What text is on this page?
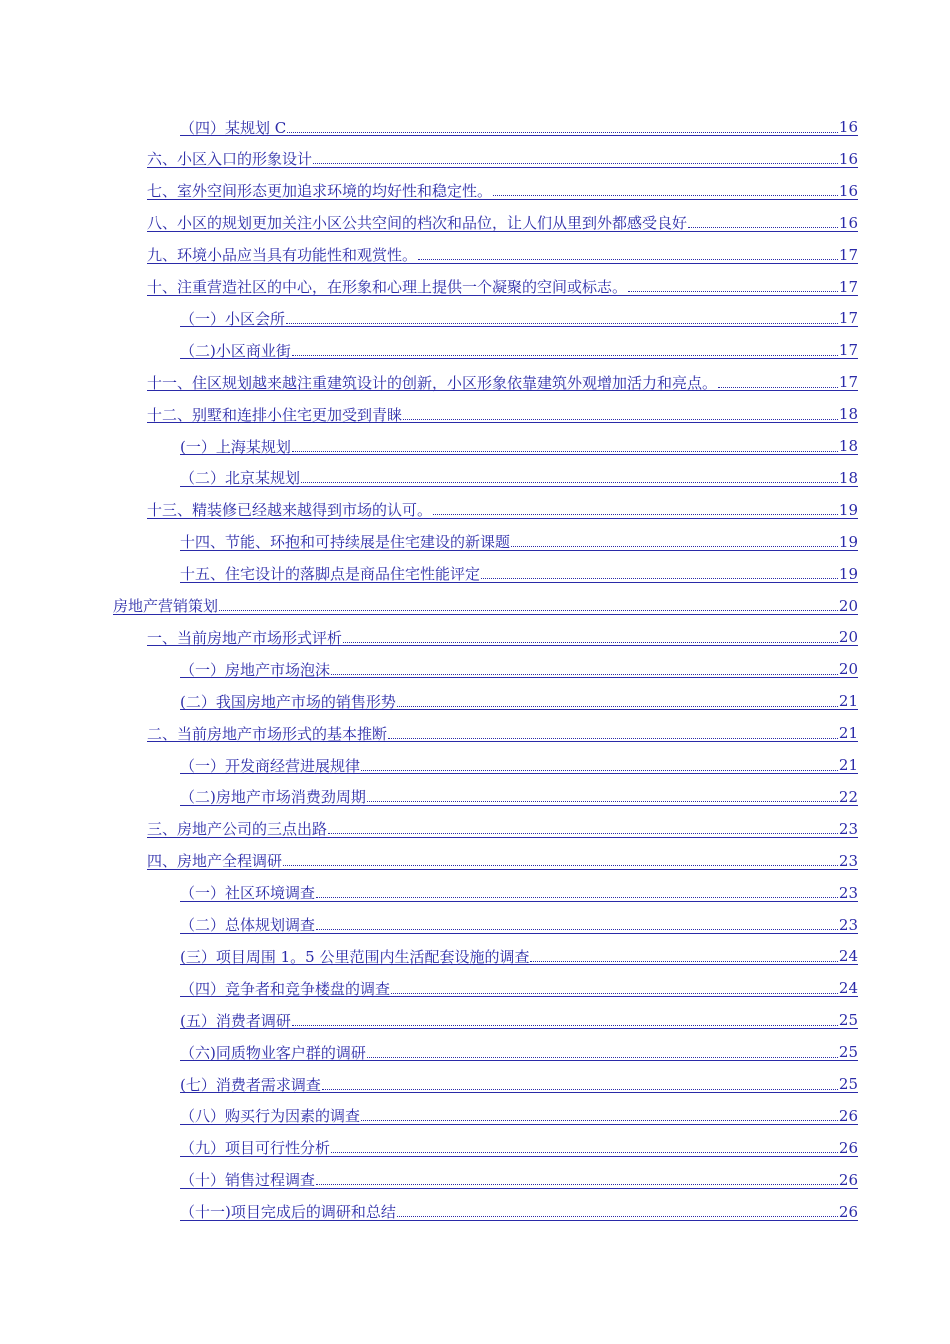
（四）某规划 C	16
六、小区入口的形象设计	16
七、室外空间形态更加追求环境的均好性和稳定性。	16
八、小区的规划更加关注小区公共空间的档次和品位，让人们从里到外都感受良好	16
九、环境小品应当具有功能性和观赏性。	17
十、注重营造社区的中心，在形象和心理上提供一个凝聚的空间或标志。	17
（一）小区会所	17
（二)小区商业街	17
十一、住区规划越来越注重建筑设计的创新，小区形象依靠建筑外观增加活力和亮点。	17
十二、别墅和连排小住宅更加受到青睐	18
(一）上海某规划	18
（二）北京某规划	18
十三、精装修已经越来越得到市场的认可。	19
十四、节能、环抱和可持续展是住宅建设的新课题	19
十五、住宅设计的落脚点是商品住宅性能评定	19
房地产营销策划	20
一、当前房地产市场形式评析	20
（一）房地产市场泡沫	20
(二）我国房地产市场的销售形势	21
二、当前房地产市场形式的基本推断	21
（一）开发商经营进展规律	21
（二)房地产市场消费劲周期	22
三、房地产公司的三点出路	23
四、房地产全程调研	23
（一）社区环境调查	23
（二）总体规划调查	23
(三）项目周围 1。5 公里范围内生活配套设施的调查	24
（四）竞争者和竞争楼盘的调查	24
(五）消费者调研	25
（六)同质物业客户群的调研	25
(七）消费者需求调查	25
（八）购买行为因素的调查	26
（九）项目可行性分析	26
（十）销售过程调查	26
（十一)项目完成后的调研和总结	26
